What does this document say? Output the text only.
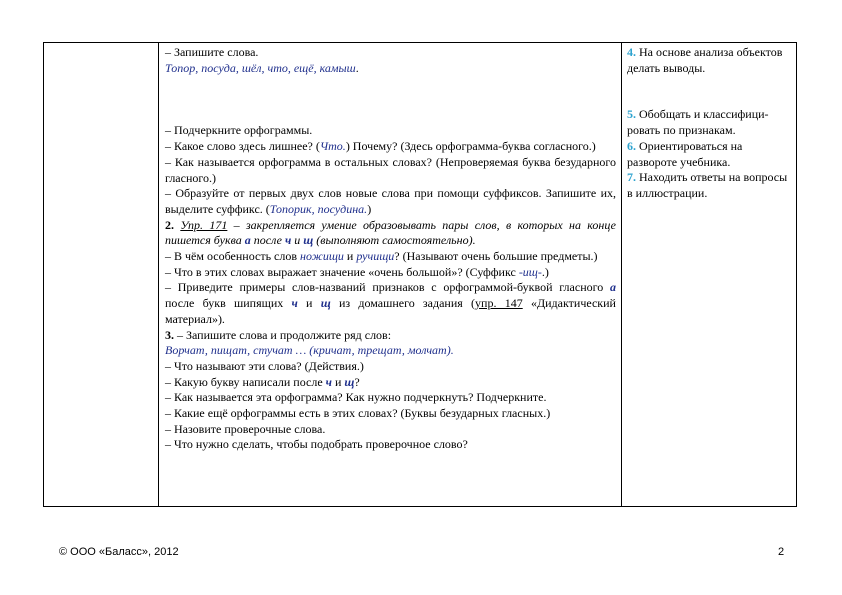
– Запишите слова.

Топор, посуда, шёл, что, ещё, камыш.

– Подчеркните орфограммы.

– Какое слово здесь лишнее? (Что.) Почему? (Здесь орфограмма-буква согласного.)

– Как называется орфограмма в остальных словах? (Непроверяемая буква безударного гласного.)

– Образуйте от первых двух слов новые слова при помощи суффиксов. Запишите их, выделите суффикс. (Топорик, посудина.)

2. Упр. 171 – закрепляется умение образовывать пары слов, в которых на конце пишется буква а после ч и щ (выполняют самостоятельно).

– В чём особенность слов ножищи и ручищи? (Называют очень большие предметы.)

– Что в этих словах выражает значение «очень большой»? (Суффикс -ищ-.)

– Приведите примеры слов-названий признаков с орфограммой-буквой гласного а после букв шипящих ч и щ из домашнего задания (упр. 147 «Дидактический материал»).

3. – Запишите слова и продолжите ряд слов:

Ворчат, пищат, стучат … (кричат, трещат, молчат).

– Что называют эти слова? (Действия.)

– Какую букву написали после ч и щ?

– Как называется эта орфограмма? Как нужно подчеркнуть? Подчеркните.

– Какие ещё орфограммы есть в этих словах? (Буквы безударных гласных.)

– Назовите проверочные слова.

– Что нужно сделать, чтобы подобрать проверочное слово?

4. На основе анализа объектов делать выводы.

5. Обобщать и классифици-ровать по признакам.

6. Ориентироваться на развороте учебника.

7. Находить ответы на вопросы в иллюстрации.

© ООО «Баласс», 2012	2
